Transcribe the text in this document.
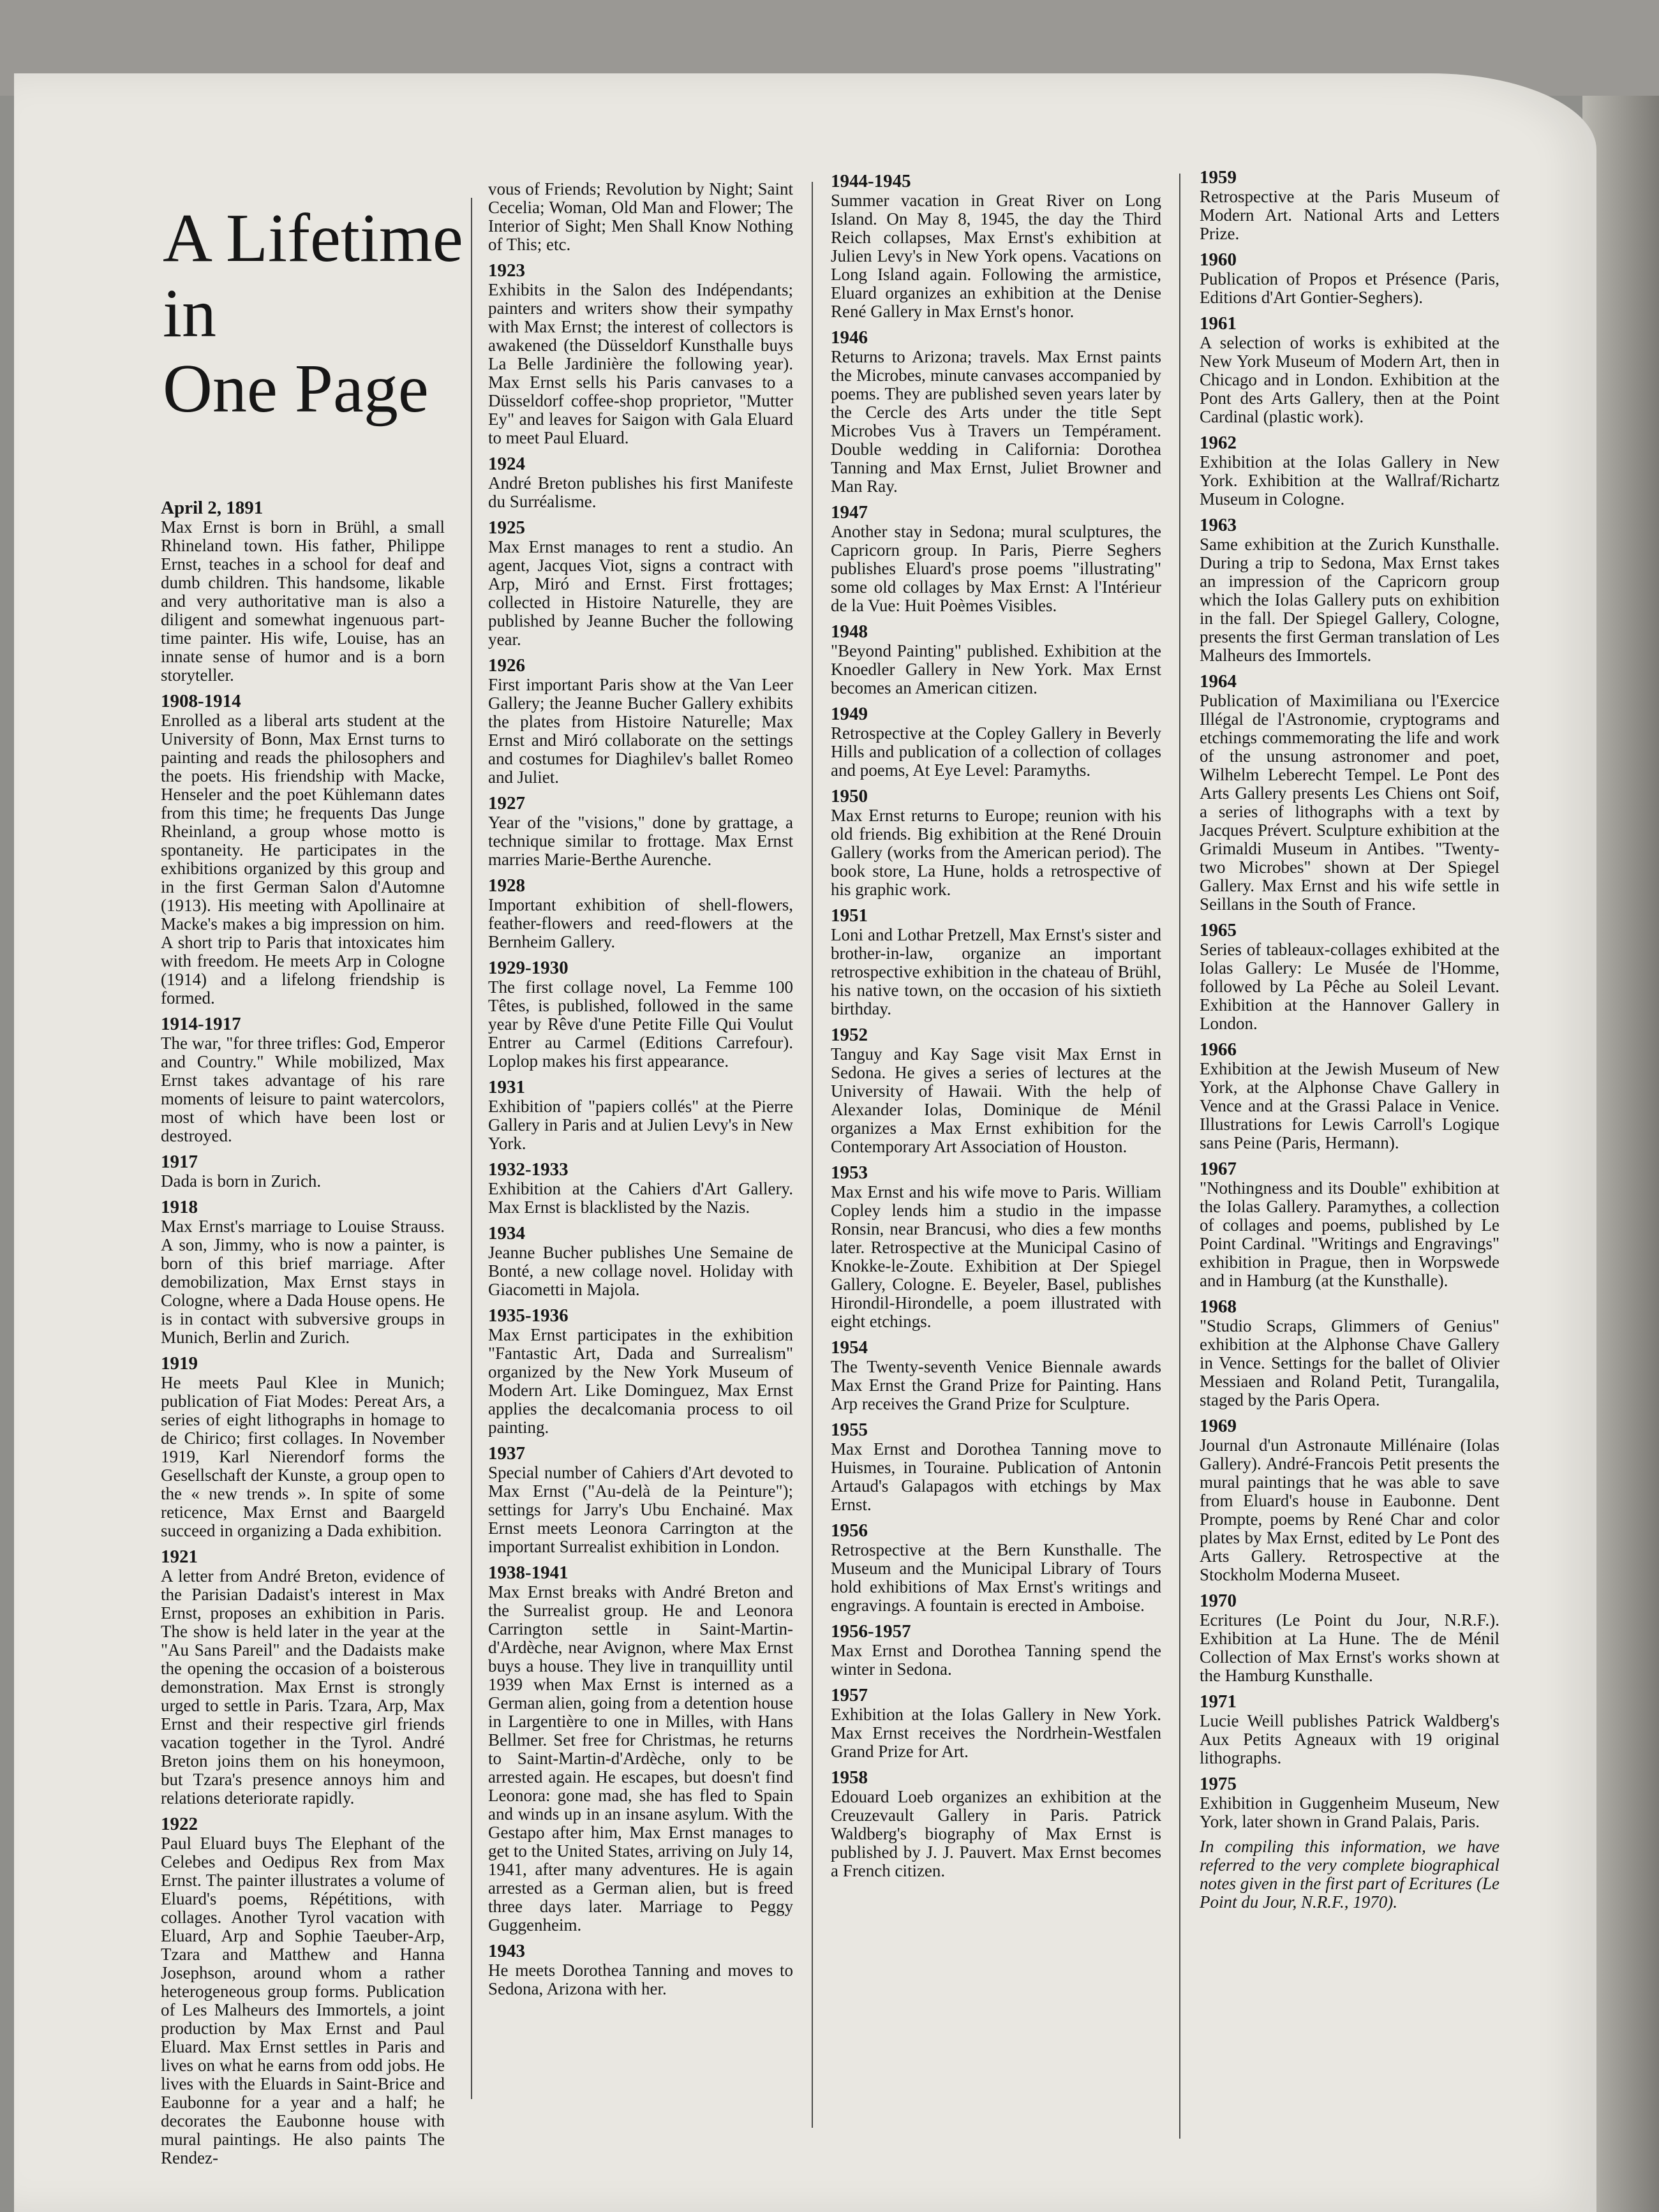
A Lifetime
in
One Page
April 2, 1891
Max Ernst is born in Brühl, a small Rhineland town. His father, Philippe Ernst, teaches in a school for deaf and dumb children. This handsome, likable and very authoritative man is also a diligent and somewhat ingenuous part-time painter. His wife, Louise, has an innate sense of humor and is a born storyteller.
1908-1914
Enrolled as a liberal arts student at the University of Bonn, Max Ernst turns to painting and reads the philosophers and the poets. His friendship with Macke, Henseler and the poet Kühlemann dates from this time; he frequents Das Junge Rheinland, a group whose motto is spontaneity. He participates in the exhibitions organized by this group and in the first German Salon d'Automne (1913). His meeting with Apollinaire at Macke's makes a big impression on him. A short trip to Paris that intoxicates him with freedom. He meets Arp in Cologne (1914) and a lifelong friendship is formed.
1914-1917
The war, "for three trifles: God, Emperor and Country." While mobilized, Max Ernst takes advantage of his rare moments of leisure to paint watercolors, most of which have been lost or destroyed.
1917
Dada is born in Zurich.
1918
Max Ernst's marriage to Louise Strauss. A son, Jimmy, who is now a painter, is born of this brief marriage. After demobilization, Max Ernst stays in Cologne, where a Dada House opens. He is in contact with subversive groups in Munich, Berlin and Zurich.
1919
He meets Paul Klee in Munich; publication of Fiat Modes: Pereat Ars, a series of eight lithographs in homage to de Chirico; first collages. In November 1919, Karl Nierendorf forms the Gesellschaft der Kunste, a group open to the « new trends ». In spite of some reticence, Max Ernst and Baargeld succeed in organizing a Dada exhibition.
1921
A letter from André Breton, evidence of the Parisian Dadaist's interest in Max Ernst, proposes an exhibition in Paris. The show is held later in the year at the "Au Sans Pareil" and the Dadaists make the opening the occasion of a boisterous demonstration. Max Ernst is strongly urged to settle in Paris. Tzara, Arp, Max Ernst and their respective girl friends vacation together in the Tyrol. André Breton joins them on his honeymoon, but Tzara's presence annoys him and relations deteriorate rapidly.
1922
Paul Eluard buys The Elephant of the Celebes and Oedipus Rex from Max Ernst. The painter illustrates a volume of Eluard's poems, Répétitions, with collages. Another Tyrol vacation with Eluard, Arp and Sophie Taeuber-Arp, Tzara and Matthew and Hanna Josephson, around whom a rather heterogeneous group forms. Publication of Les Malheurs des Immortels, a joint production by Max Ernst and Paul Eluard. Max Ernst settles in Paris and lives on what he earns from odd jobs. He lives with the Eluards in Saint-Brice and Eaubonne for a year and a half; he decorates the Eaubonne house with mural paintings. He also paints The Rendez-
vous of Friends; Revolution by Night; Saint Cecelia; Woman, Old Man and Flower; The Interior of Sight; Men Shall Know Nothing of This; etc.
1923
Exhibits in the Salon des Indépendants; painters and writers show their sympathy with Max Ernst; the interest of collectors is awakened (the Düsseldorf Kunsthalle buys La Belle Jardinière the following year). Max Ernst sells his Paris canvases to a Düsseldorf coffee-shop proprietor, "Mutter Ey" and leaves for Saigon with Gala Eluard to meet Paul Eluard.
1924
André Breton publishes his first Manifeste du Surréalisme.
1925
Max Ernst manages to rent a studio. An agent, Jacques Viot, signs a contract with Arp, Miró and Ernst. First frottages; collected in Histoire Naturelle, they are published by Jeanne Bucher the following year.
1926
First important Paris show at the Van Leer Gallery; the Jeanne Bucher Gallery exhibits the plates from Histoire Naturelle; Max Ernst and Miró collaborate on the settings and costumes for Diaghilev's ballet Romeo and Juliet.
1927
Year of the "visions," done by grattage, a technique similar to frottage. Max Ernst marries Marie-Berthe Aurenche.
1928
Important exhibition of shell-flowers, feather-flowers and reed-flowers at the Bernheim Gallery.
1929-1930
The first collage novel, La Femme 100 Têtes, is published, followed in the same year by Rêve d'une Petite Fille Qui Voulut Entrer au Carmel (Editions Carrefour). Loplop makes his first appearance.
1931
Exhibition of "papiers collés" at the Pierre Gallery in Paris and at Julien Levy's in New York.
1932-1933
Exhibition at the Cahiers d'Art Gallery. Max Ernst is blacklisted by the Nazis.
1934
Jeanne Bucher publishes Une Semaine de Bonté, a new collage novel. Holiday with Giacometti in Majola.
1935-1936
Max Ernst participates in the exhibition "Fantastic Art, Dada and Surrealism" organized by the New York Museum of Modern Art. Like Dominguez, Max Ernst applies the decalcomania process to oil painting.
1937
Special number of Cahiers d'Art devoted to Max Ernst ("Au-delà de la Peinture"); settings for Jarry's Ubu Enchainé. Max Ernst meets Leonora Carrington at the important Surrealist exhibition in London.
1938-1941
Max Ernst breaks with André Breton and the Surrealist group. He and Leonora Carrington settle in Saint-Martin-d'Ardèche, near Avignon, where Max Ernst buys a house. They live in tranquillity until 1939 when Max Ernst is interned as a German alien, going from a detention house in Largentière to one in Milles, with Hans Bellmer. Set free for Christmas, he returns to Saint-Martin-d'Ardèche, only to be arrested again. He escapes, but doesn't find Leonora: gone mad, she has fled to Spain and winds up in an insane asylum. With the Gestapo after him, Max Ernst manages to get to the United States, arriving on July 14, 1941, after many adventures. He is again arrested as a German alien, but is freed three days later. Marriage to Peggy Guggenheim.
1943
He meets Dorothea Tanning and moves to Sedona, Arizona with her.
1944-1945
Summer vacation in Great River on Long Island. On May 8, 1945, the day the Third Reich collapses, Max Ernst's exhibition at Julien Levy's in New York opens. Vacations on Long Island again. Following the armistice, Eluard organizes an exhibition at the Denise René Gallery in Max Ernst's honor.
1946
Returns to Arizona; travels. Max Ernst paints the Microbes, minute canvases accompanied by poems. They are published seven years later by the Cercle des Arts under the title Sept Microbes Vus à Travers un Tempérament. Double wedding in California: Dorothea Tanning and Max Ernst, Juliet Browner and Man Ray.
1947
Another stay in Sedona; mural sculptures, the Capricorn group. In Paris, Pierre Seghers publishes Eluard's prose poems "illustrating" some old collages by Max Ernst: A l'Intérieur de la Vue: Huit Poèmes Visibles.
1948
"Beyond Painting" published. Exhibition at the Knoedler Gallery in New York. Max Ernst becomes an American citizen.
1949
Retrospective at the Copley Gallery in Beverly Hills and publication of a collection of collages and poems, At Eye Level: Paramyths.
1950
Max Ernst returns to Europe; reunion with his old friends. Big exhibition at the René Drouin Gallery (works from the American period). The book store, La Hune, holds a retrospective of his graphic work.
1951
Loni and Lothar Pretzell, Max Ernst's sister and brother-in-law, organize an important retrospective exhibition in the chateau of Brühl, his native town, on the occasion of his sixtieth birthday.
1952
Tanguy and Kay Sage visit Max Ernst in Sedona. He gives a series of lectures at the University of Hawaii. With the help of Alexander Iolas, Dominique de Ménil organizes a Max Ernst exhibition for the Contemporary Art Association of Houston.
1953
Max Ernst and his wife move to Paris. William Copley lends him a studio in the impasse Ronsin, near Brancusi, who dies a few months later. Retrospective at the Municipal Casino of Knokke-le-Zoute. Exhibition at Der Spiegel Gallery, Cologne. E. Beyeler, Basel, publishes Hirondil-Hirondelle, a poem illustrated with eight etchings.
1954
The Twenty-seventh Venice Biennale awards Max Ernst the Grand Prize for Painting. Hans Arp receives the Grand Prize for Sculpture.
1955
Max Ernst and Dorothea Tanning move to Huismes, in Touraine. Publication of Antonin Artaud's Galapagos with etchings by Max Ernst.
1956
Retrospective at the Bern Kunsthalle. The Museum and the Municipal Library of Tours hold exhibitions of Max Ernst's writings and engravings. A fountain is erected in Amboise.
1956-1957
Max Ernst and Dorothea Tanning spend the winter in Sedona.
1957
Exhibition at the Iolas Gallery in New York. Max Ernst receives the Nordrhein-Westfalen Grand Prize for Art.
1958
Edouard Loeb organizes an exhibition at the Creuzevault Gallery in Paris. Patrick Waldberg's biography of Max Ernst is published by J. J. Pauvert. Max Ernst becomes a French citizen.
1959
Retrospective at the Paris Museum of Modern Art. National Arts and Letters Prize.
1960
Publication of Propos et Présence (Paris, Editions d'Art Gontier-Seghers).
1961
A selection of works is exhibited at the New York Museum of Modern Art, then in Chicago and in London. Exhibition at the Pont des Arts Gallery, then at the Point Cardinal (plastic work).
1962
Exhibition at the Iolas Gallery in New York. Exhibition at the Wallraf/Richartz Museum in Cologne.
1963
Same exhibition at the Zurich Kunsthalle. During a trip to Sedona, Max Ernst takes an impression of the Capricorn group which the Iolas Gallery puts on exhibition in the fall. Der Spiegel Gallery, Cologne, presents the first German translation of Les Malheurs des Immortels.
1964
Publication of Maximiliana ou l'Exercice Illégal de l'Astronomie, cryptograms and etchings commemorating the life and work of the unsung astronomer and poet, Wilhelm Leberecht Tempel. Le Pont des Arts Gallery presents Les Chiens ont Soif, a series of lithographs with a text by Jacques Prévert. Sculpture exhibition at the Grimaldi Museum in Antibes. "Twenty-two Microbes" shown at Der Spiegel Gallery. Max Ernst and his wife settle in Seillans in the South of France.
1965
Series of tableaux-collages exhibited at the Iolas Gallery: Le Musée de l'Homme, followed by La Pêche au Soleil Levant. Exhibition at the Hannover Gallery in London.
1966
Exhibition at the Jewish Museum of New York, at the Alphonse Chave Gallery in Vence and at the Grassi Palace in Venice. Illustrations for Lewis Carroll's Logique sans Peine (Paris, Hermann).
1967
"Nothingness and its Double" exhibition at the Iolas Gallery. Paramythes, a collection of collages and poems, published by Le Point Cardinal. "Writings and Engravings" exhibition in Prague, then in Worpswede and in Hamburg (at the Kunsthalle).
1968
"Studio Scraps, Glimmers of Genius" exhibition at the Alphonse Chave Gallery in Vence. Settings for the ballet of Olivier Messiaen and Roland Petit, Turangalila, staged by the Paris Opera.
1969
Journal d'un Astronaute Millénaire (Iolas Gallery). André-Francois Petit presents the mural paintings that he was able to save from Eluard's house in Eaubonne. Dent Prompte, poems by René Char and color plates by Max Ernst, edited by Le Pont des Arts Gallery. Retrospective at the Stockholm Moderna Museet.
1970
Ecritures (Le Point du Jour, N.R.F.). Exhibition at La Hune. The de Ménil Collection of Max Ernst's works shown at the Hamburg Kunsthalle.
1971
Lucie Weill publishes Patrick Waldberg's Aux Petits Agneaux with 19 original lithographs.
1975
Exhibition in Guggenheim Museum, New York, later shown in Grand Palais, Paris.
In compiling this information, we have referred to the very complete biographical notes given in the first part of Ecritures (Le Point du Jour, N.R.F., 1970).
